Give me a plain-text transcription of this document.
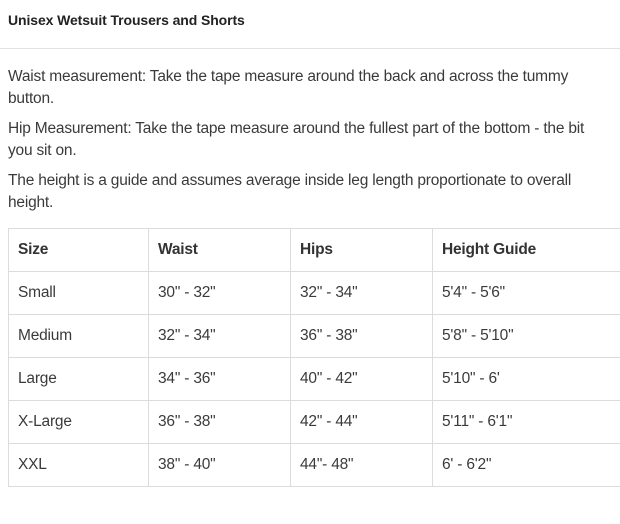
Unisex Wetsuit Trousers and Shorts

Waist measurement: Take the tape measure around the back and across the tummy button.

Hip Measurement: Take the tape measure around the fullest part of the bottom - the bit you sit on.

The height is a guide and assumes average inside leg length proportionate to overall height.

Size	Waist	Hips	Height Guide
Small	30" - 32"	32" - 34"	5'4" - 5'6"
Medium	32" - 34"	36" - 38"	5'8" - 5'10"
Large	34" - 36"	40" - 42"	5'10" - 6'
X-Large	36" - 38"	42" - 44"	5'11" - 6'1"
XXL	38" - 40"	44"- 48"	6' - 6'2"
